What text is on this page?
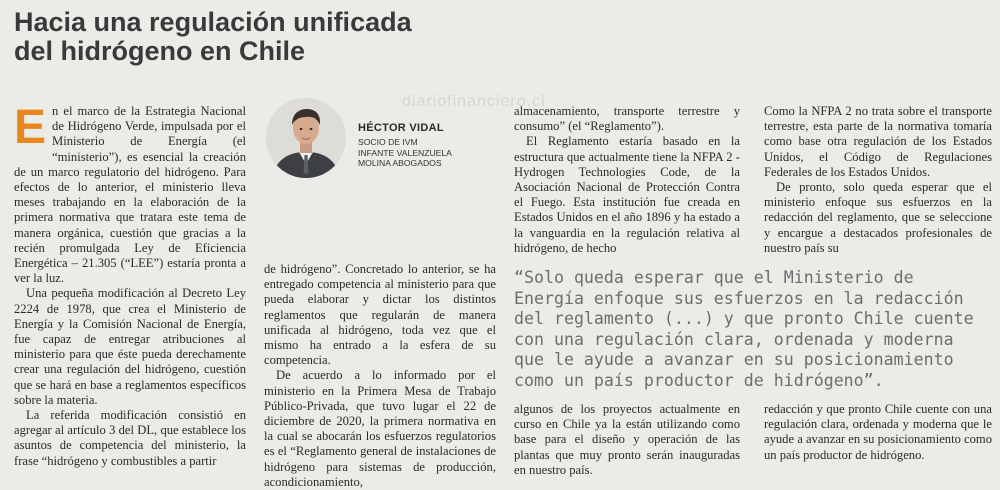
Hacia una regulación unificada
del hidrógeno en Chile
diariofinanciero.cl

En el marco de la Estrategia Nacional de Hidrógeno Verde, impulsada por el Ministerio de Energía (el “ministerio”), es esencial la creación de un marco regulatorio del hidrógeno. Para efectos de lo anterior, el ministerio lleva meses trabajando en la elaboración de la primera normativa que tratara este tema de manera orgánica, cuestión que gracias a la recién promulgada Ley de Eficiencia Energética – 21.305 (“LEE”) estaría pronta a ver la luz.

Una pequeña modificación al Decreto Ley 2224 de 1978, que crea el Ministerio de Energía y la Comisión Nacional de Energía, fue capaz de entregar atribuciones al ministerio para que éste pueda derechamente crear una regulación del hidrógeno, cuestión que se hará en base a reglamentos específicos sobre la materia.

La referida modificación consistió en agregar al artículo 3 del DL, que establece los asuntos de competencia del ministerio, la frase “hidrógeno y combustibles a partir

HÉCTOR VIDAL
SOCIO DE IVM
INFANTE VALENZUELA
MOLINA ABOGADOS

de hidrógeno”. Concretado lo anterior, se ha entregado competencia al ministerio para que pueda elaborar y dictar los distintos reglamentos que regularán de manera unificada al hidrógeno, toda vez que el mismo ha entrado a la esfera de su competencia.

De acuerdo a lo informado por el ministerio en la Primera Mesa de Trabajo Público-Privada, que tuvo lugar el 22 de diciembre de 2020, la primera normativa en la cual se abocarán los esfuerzos regulatorios es el “Reglamento general de instalaciones de hidrógeno para sistemas de producción, acondicionamiento,

almacenamiento, transporte terrestre y consumo” (el “Reglamento”).

El Reglamento estaría basado en la estructura que actualmente tiene la NFPA 2 - Hydrogen Technologies Code, de la Asociación Nacional de Protección Contra el Fuego. Esta institución fue creada en Estados Unidos en el año 1896 y ha estado a la vanguardia en la regulación relativa al hidrógeno, de hecho

Como la NFPA 2 no trata sobre el transporte terrestre, esta parte de la normativa tomaría como base otra regulación de los Estados Unidos, el Código de Regulaciones Federales de los Estados Unidos.

De pronto, solo queda esperar que el ministerio enfoque sus esfuerzos en la redacción del reglamento, que se seleccione y encargue a destacados profesionales de nuestro país su

“Solo queda esperar que el Ministerio de Energía enfoque sus esfuerzos en la redacción del reglamento (...) y que pronto Chile cuente con una regulación clara, ordenada y moderna que le ayude a avanzar en su posicionamiento como un país productor de hidrógeno”.

algunos de los proyectos actualmente en curso en Chile ya la están utilizando como base para el diseño y operación de las plantas que muy pronto serán inauguradas en nuestro país.

redacción y que pronto Chile cuente con una regulación clara, ordenada y moderna que le ayude a avanzar en su posicionamiento como un país productor de hidrógeno.
